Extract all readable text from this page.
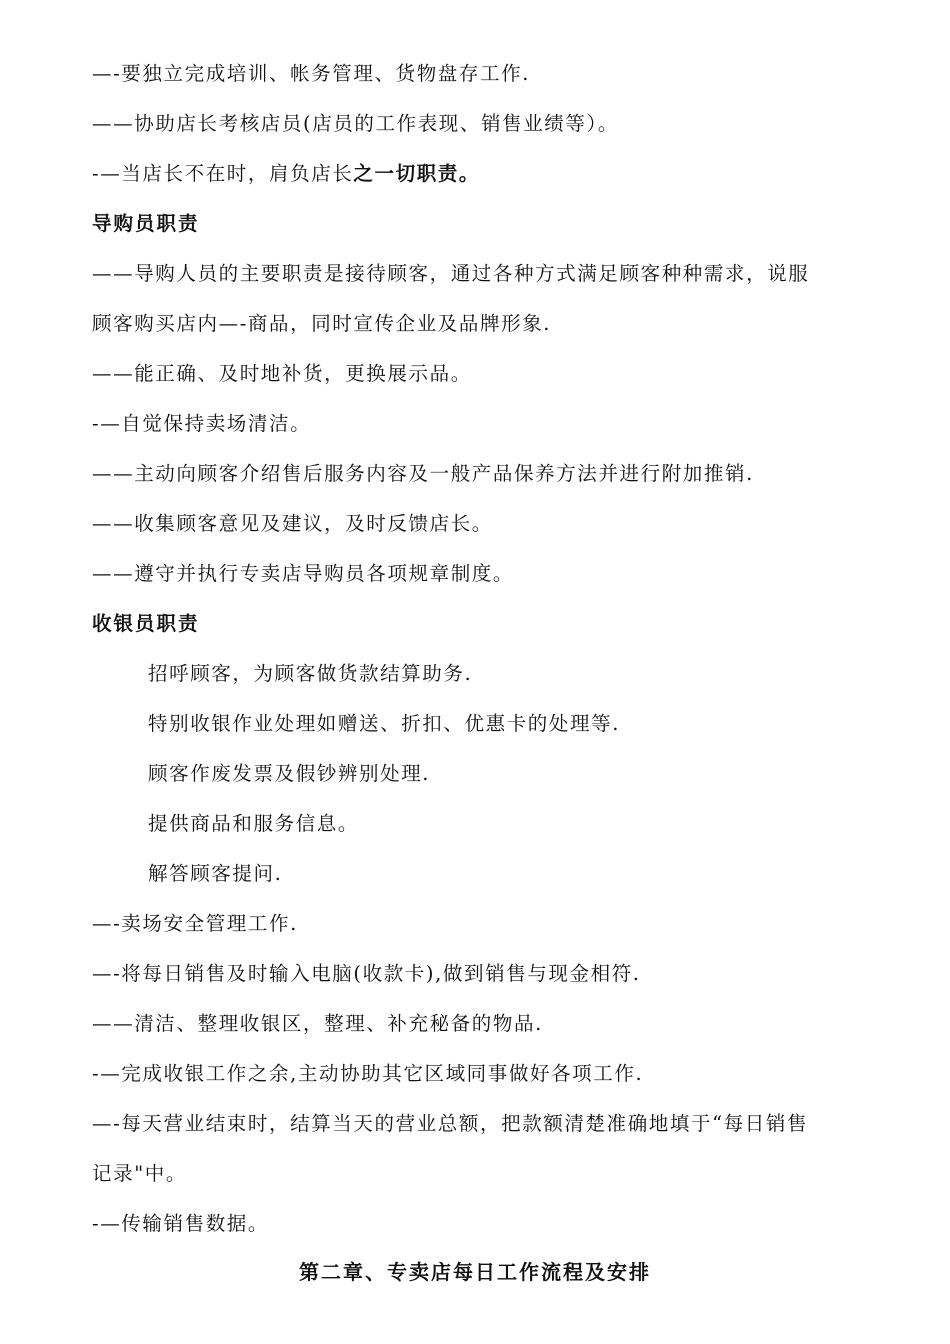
—-要独立完成培训、帐务管理、货物盘存工作.
——协助店长考核店员(店员的工作表现、销售业绩等）。
-—当店长不在时，肩负店长之一切职责。
导购员职责
——导购人员的主要职责是接待顾客，通过各种方式满足顾客种种需求，说服
顾客购买店内—-商品，同时宣传企业及品牌形象.
——能正确、及时地补货，更换展示品。
-—自觉保持卖场清洁。
——主动向顾客介绍售后服务内容及一般产品保养方法并进行附加推销.
——收集顾客意见及建议，及时反馈店长。
——遵守并执行专卖店导购员各项规章制度。
收银员职责
招呼顾客，为顾客做货款结算助务.
特别收银作业处理如赠送、折扣、优惠卡的处理等.
顾客作废发票及假钞辨别处理.
提供商品和服务信息。
解答顾客提问.
—-卖场安全管理工作.
—-将每日销售及时输入电脑(收款卡),做到销售与现金相符.
——清洁、整理收银区，整理、补充秘备的物品.
-—完成收银工作之余,主动协助其它区域同事做好各项工作.
—-每天营业结束时，结算当天的营业总额，把款额清楚准确地填于“每日销售
记录"中。
-—传输销售数据。
第二章、专卖店每日工作流程及安排
